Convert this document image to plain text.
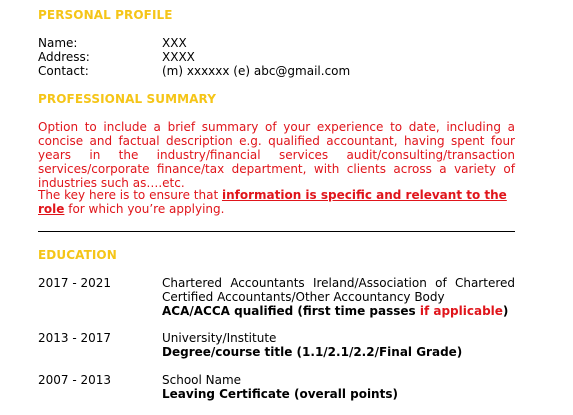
PERSONAL PROFILE
Name:	XXX
Address:	XXXX
Contact:	(m) xxxxxx (e) abc@gmail.com
PROFESSIONAL SUMMARY
Option to include a brief summary of your experience to date, including a concise and factual description e.g. qualified accountant, having spent four years in the industry/financial services audit/consulting/transaction services/corporate finance/tax department, with clients across a variety of industries such as….etc.
The key here is to ensure that information is specific and relevant to the role for which you’re applying.
EDUCATION
2017 - 2021	Chartered Accountants Ireland/Association of Chartered Certified Accountants/Other Accountancy Body
ACA/ACCA qualified (first time passes if applicable)
2013 - 2017	University/Institute
Degree/course title (1.1/2.1/2.2/Final Grade)
2007 - 2013	School Name
Leaving Certificate (overall points)
